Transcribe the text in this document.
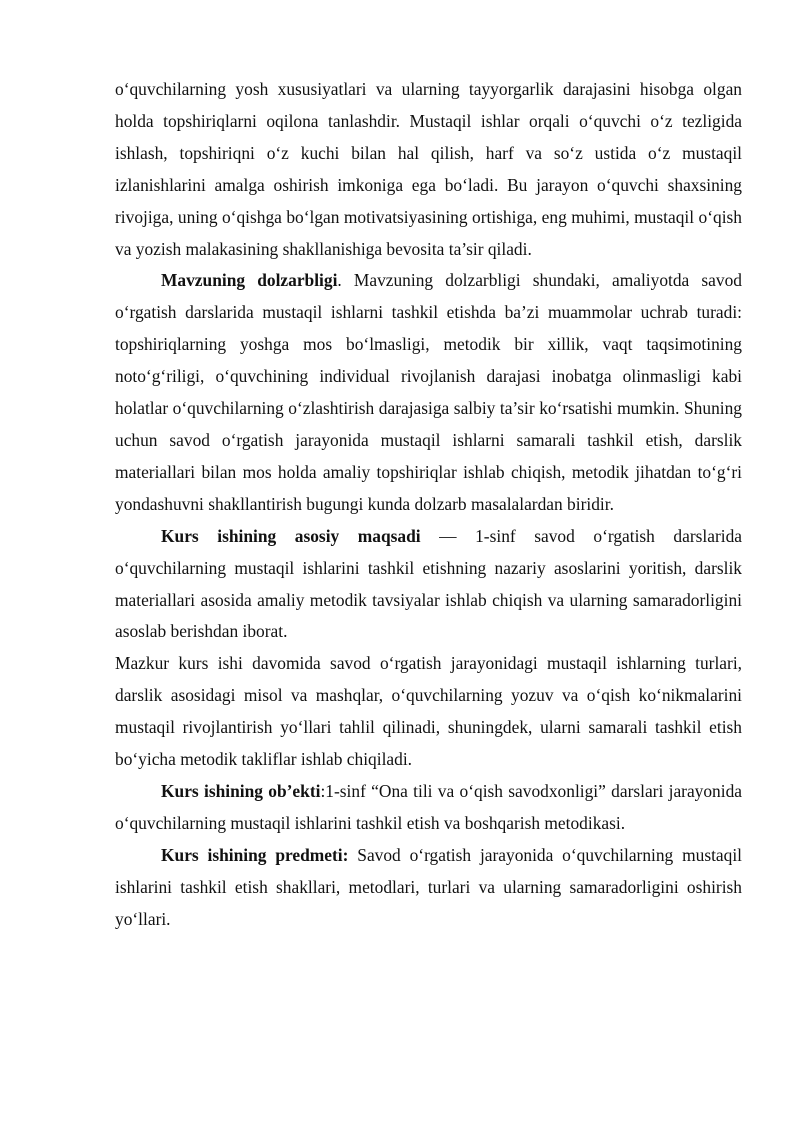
o‘quvchilarning yosh xususiyatlari va ularning tayyorgarlik darajasini hisobga olgan holda topshiriqlarni oqilona tanlashdir. Mustaqil ishlar orqali o‘quvchi o‘z tezligida ishlash, topshiriqni o‘z kuchi bilan hal qilish, harf va so‘z ustida o‘z mustaqil izlanishlarini amalga oshirish imkoniga ega bo‘ladi. Bu jarayon o‘quvchi shaxsining rivojiga, uning o‘qishga bo‘lgan motivatsiyasining ortishiga, eng muhimi, mustaqil o‘qish va yozish malakasining shakllanishiga bevosita ta’sir qiladi.

Mavzuning dolzarbligi. Mavzuning dolzarbligi shundaki, amaliyotda savod o‘rgatish darslarida mustaqil ishlarni tashkil etishda ba’zi muammolar uchrab turadi: topshiriqlarning yoshga mos bo‘lmasligi, metodik bir xillik, vaqt taqsimotining noto‘g‘riligi, o‘quvchining individual rivojlanish darajasi inobatga olinmasligi kabi holatlar o‘quvchilarning o‘zlashtirish darajasiga salbiy ta’sir ko‘rsatishi mumkin. Shuning uchun savod o‘rgatish jarayonida mustaqil ishlarni samarali tashkil etish, darslik materiallari bilan mos holda amaliy topshiriqlar ishlab chiqish, metodik jihatdan to‘g‘ri yondashuvni shakllantirish bugungi kunda dolzarb masalalardan biridir.

Kurs ishining asosiy maqsadi — 1-sinf savod o‘rgatish darslarida o‘quvchilarning mustaqil ishlarini tashkil etishning nazariy asoslarini yoritish, darslik materiallari asosida amaliy metodik tavsiyalar ishlab chiqish va ularning samaradorligini asoslab berishdan iborat.

Mazkur kurs ishi davomida savod o‘rgatish jarayonidagi mustaqil ishlarning turlari, darslik asosidagi misol va mashqlar, o‘quvchilarning yozuv va o‘qish ko‘nikmalarini mustaqil rivojlantirish yo‘llari tahlil qilinadi, shuningdek, ularni samarali tashkil etish bo‘yicha metodik takliflar ishlab chiqiladi.

Kurs ishining ob’ekti:1-sinf “Ona tili va o‘qish savodxonligi” darslari jarayonida o‘quvchilarning mustaqil ishlarini tashkil etish va boshqarish metodikasi.

Kurs ishining predmeti: Savod o‘rgatish jarayonida o‘quvchilarning mustaqil ishlarini tashkil etish shakllari, metodlari, turlari va ularning samaradorligini oshirish yo‘llari.
